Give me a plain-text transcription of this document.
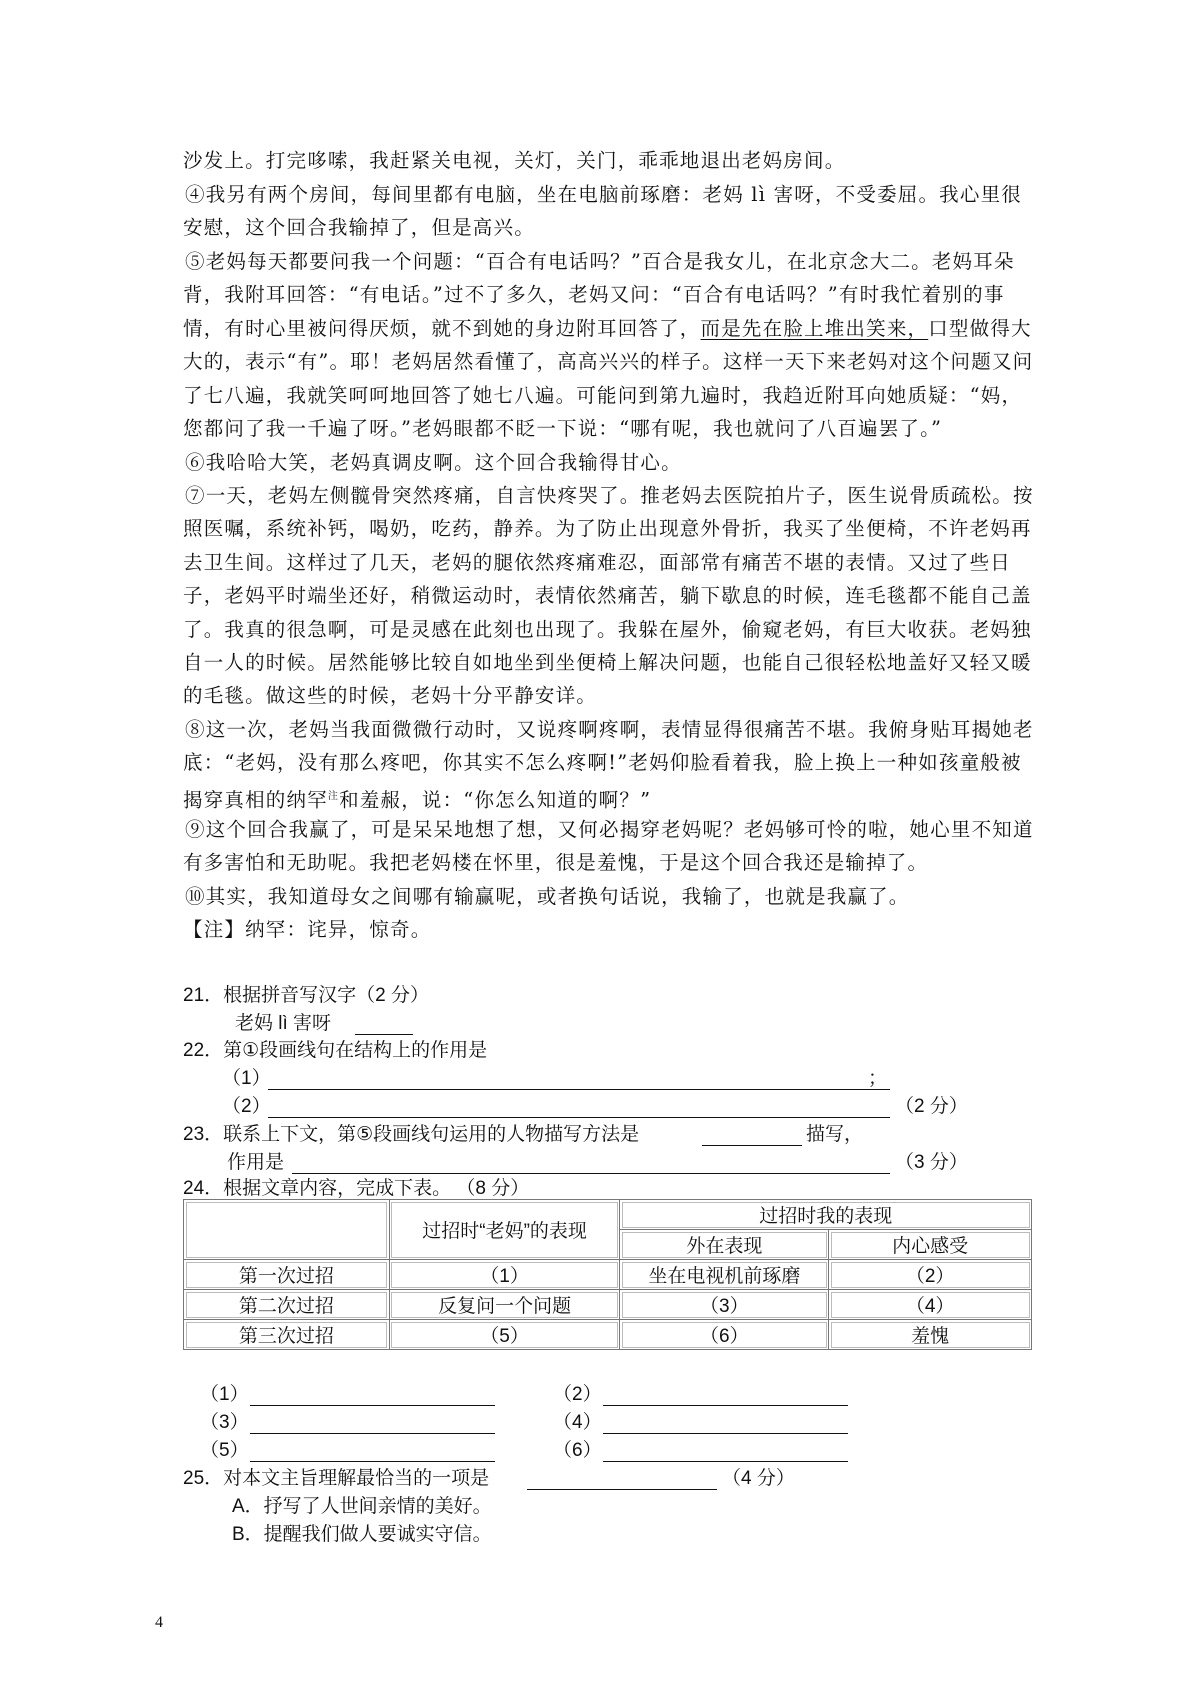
沙发上。打完哆嗦，我赶紧关电视，关灯，关门，乖乖地退出老妈房间。

④我另有两个房间，每间里都有电脑，坐在电脑前琢磨：老妈 lì 害呀，不受委屈。我心里很安慰，这个回合我输掉了，但是高兴。

⑤老妈每天都要问我一个问题：“百合有电话吗？”百合是我女儿，在北京念大二。老妈耳朵背，我附耳回答：“有电话。”过不了多久，老妈又问：“百合有电话吗？”有时我忙着别的事情，有时心里被问得厌烦，就不到她的身边附耳回答了，而是先在脸上堆出笑来，口型做得大大的，表示“有”。耶！老妈居然看懂了，高高兴兴的样子。这样一天下来老妈对这个问题又问了七八遍，我就笑呵呵地回答了她七八遍。可能问到第九遍时，我趋近附耳向她质疑：“妈，您都问了我一千遍了呀。”老妈眼都不眨一下说：“哪有呢，我也就问了八百遍罢了。”

⑥我哈哈大笑，老妈真调皮啊。这个回合我输得甘心。

⑦一天，老妈左侧髋骨突然疼痛，自言快疼哭了。推老妈去医院拍片子，医生说骨质疏松。按照医嘱，系统补钙，喝奶，吃药，静养。为了防止出现意外骨折，我买了坐便椅，不许老妈再去卫生间。这样过了几天，老妈的腿依然疼痛难忍，面部常有痛苦不堪的表情。又过了些日子，老妈平时端坐还好，稍微运动时，表情依然痛苦，躺下歇息的时候，连毛毯都不能自己盖了。我真的很急啊，可是灵感在此刻也出现了。我躲在屋外，偷窥老妈，有巨大收获。老妈独自一人的时候。居然能够比较自如地坐到坐便椅上解决问题，也能自己很轻松地盖好又轻又暖的毛毯。做这些的时候，老妈十分平静安详。

⑧这一次，老妈当我面微微行动时，又说疼啊疼啊，表情显得很痛苦不堪。我俯身贴耳揭她老底：“老妈，没有那么疼吧，你其实不怎么疼啊!”老妈仰脸看着我，脸上换上一种如孩童般被揭穿真相的纳罕$^注$和羞赧，说：“你怎么知道的啊？”

⑨这个回合我赢了，可是呆呆地想了想，又何必揭穿老妈呢？老妈够可怜的啦，她心里不知道有多害怕和无助呢。我把老妈楼在怀里，很是羞愧，于是这个回合我还是输掉了。

⑩其实，我知道母女之间哪有输赢呢，或者换句话说，我输了，也就是我赢了。

【注】纳罕：诧异，惊奇。

21．根据拼音写汉字（2 分）

老妈 lì 害呀

22．第①段画线句在结构上的作用是

（1）	；

（2）	（2 分）

23．联系上下文，第⑤段画线句运用的人物描写方法是	描写，

作用是	（3 分）

24．根据文章内容，完成下表。 （8 分）

	过招时“老妈”的表现	过招时我的表现	
		外在表现	内心感受
第一次过招	（1）	坐在电视机前琢磨	（2）
第二次过招	反复问一个问题	（3）	（4）
第三次过招	（5）	（6）	羞愧

（1）	（2）

（3）	（4）

（5）	（6）

25．对本文主旨理解最恰当的一项是	（4 分）

A．抒写了人世间亲情的美好。

B．提醒我们做人要诚实守信。

4
